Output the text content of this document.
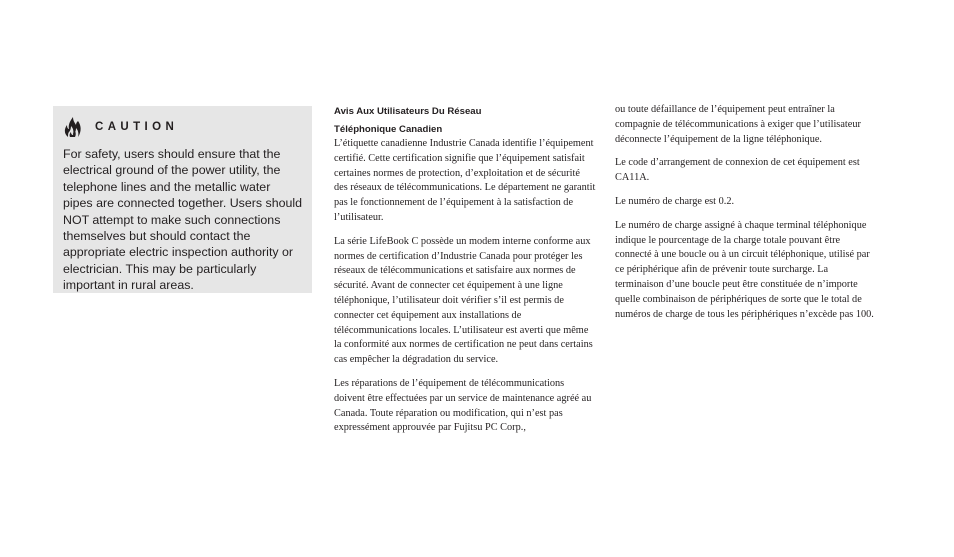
CAUTION

For safety, users should ensure that the electrical ground of the power utility, the telephone lines and the metallic water pipes are connected together. Users should NOT attempt to make such connections themselves but should contact the appropriate electric inspection authority or electrician. This may be particularly important in rural areas.

Avis Aux Utilisateurs Du Réseau

Téléphonique Canadien

L’étiquette canadienne Industrie Canada identifie l’équipement certifié. Cette certification signifie que l’équipement satisfait certaines normes de protection, d’exploitation et de sécurité des réseaux de télécommunications. Le département ne garantit pas le fonctionnement de l’équipement à la satisfaction de l’utilisateur.

La série LifeBook C possède un modem interne conforme aux normes de certification d’Industrie Canada pour protéger les réseaux de télécommunications et satisfaire aux normes de sécurité. Avant de connecter cet équipement à une ligne téléphonique, l’utilisateur doit vérifier s’il est permis de connecter cet équipement aux installations de télécommunications locales. L’utilisateur est averti que même la conformité aux normes de certification ne peut dans certains cas empêcher la dégradation du service.

Les réparations de l’équipement de télécommunications doivent être effectuées par un service de maintenance agréé au Canada. Toute réparation ou modification, qui n’est pas expressément approuvée par Fujitsu PC Corp.,

ou toute défaillance de l’équipement peut entraîner la compagnie de télécommunications à exiger que l’utilisateur déconnecte l’équipement de la ligne téléphonique.

Le code d’arrangement de connexion de cet équipement est CA11A.

Le numéro de charge est 0.2.

Le numéro de charge assigné à chaque terminal téléphonique indique le pourcentage de la charge totale pouvant être connecté à une boucle ou à un circuit téléphonique, utilisé par ce périphérique afin de prévenir toute surcharge. La terminaison d’une boucle peut être constituée de n’importe quelle combinaison de périphériques de sorte que le total de numéros de charge de tous les périphériques n’excède pas 100.
